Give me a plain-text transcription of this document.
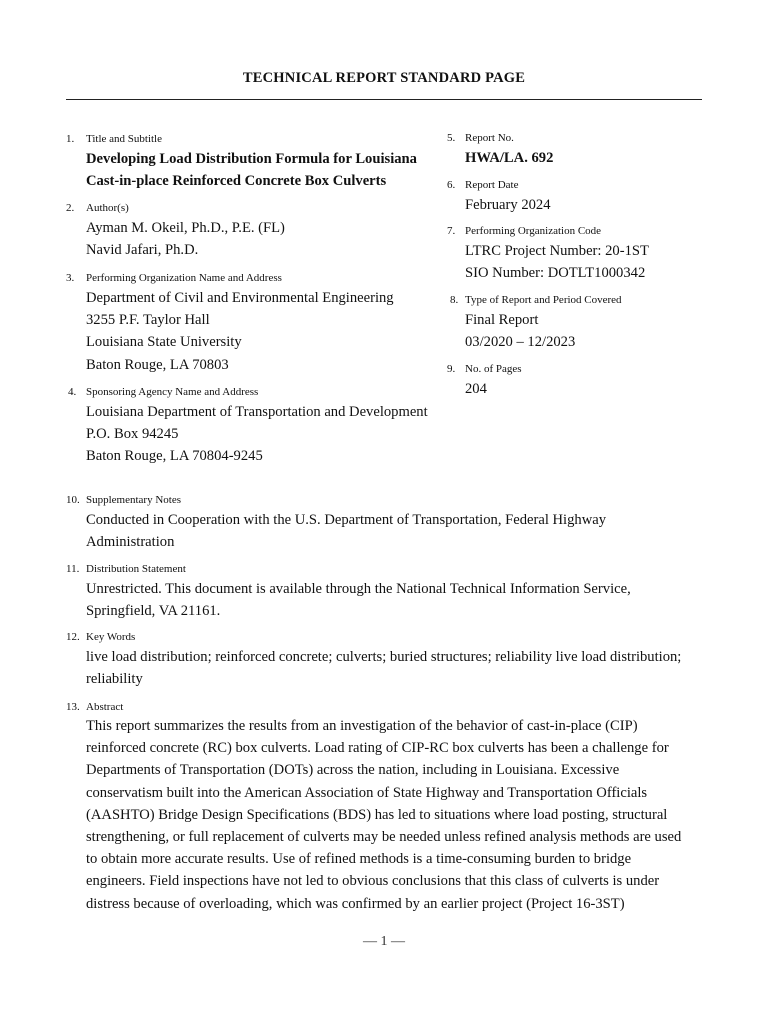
TECHNICAL REPORT STANDARD PAGE
1. Title and Subtitle
Developing Load Distribution Formula for Louisiana
Cast-in-place Reinforced Concrete Box Culverts
2. Author(s)
Ayman M. Okeil, Ph.D., P.E. (FL)
Navid Jafari, Ph.D.
3. Performing Organization Name and Address
Department of Civil and Environmental Engineering
3255 P.F. Taylor Hall
Louisiana State University
Baton Rouge, LA 70803
4. Sponsoring Agency Name and Address
Louisiana Department of Transportation and Development
P.O. Box 94245
Baton Rouge, LA 70804-9245
5. Report No.
HWA/LA. 692
6. Report Date
February 2024
7. Performing Organization Code
LTRC Project Number: 20-1ST
SIO Number: DOTLT1000342
8. Type of Report and Period Covered
Final Report
03/2020 – 12/2023
9. No. of Pages
204
10. Supplementary Notes
Conducted in Cooperation with the U.S. Department of Transportation, Federal Highway
Administration
11. Distribution Statement
Unrestricted. This document is available through the National Technical Information Service,
Springfield, VA 21161.
12. Key Words
live load distribution; reinforced concrete; culverts; buried structures; reliability live load distribution;
reliability
13. Abstract
This report summarizes the results from an investigation of the behavior of cast-in-place (CIP)
reinforced concrete (RC) box culverts. Load rating of CIP-RC box culverts has been a challenge for
Departments of Transportation (DOTs) across the nation, including in Louisiana. Excessive
conservatism built into the American Association of State Highway and Transportation Officials
(AASHTO) Bridge Design Specifications (BDS) has led to situations where load posting, structural
strengthening, or full replacement of culverts may be needed unless refined analysis methods are used
to obtain more accurate results. Use of refined methods is a time-consuming burden to bridge
engineers. Field inspections have not led to obvious conclusions that this class of culverts is under
distress because of overloading, which was confirmed by an earlier project (Project 16-3ST)
— 1 —
